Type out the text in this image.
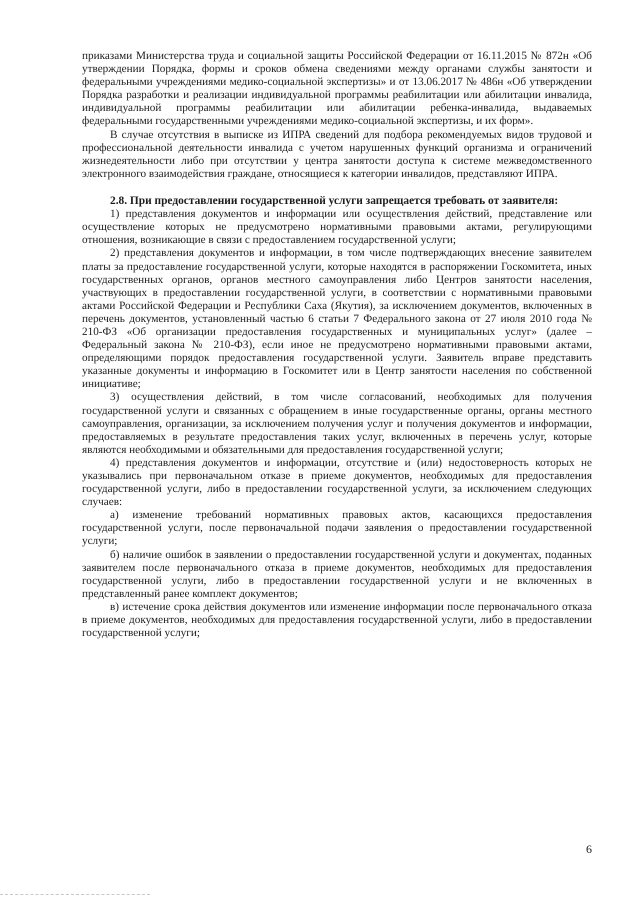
приказами Министерства труда и социальной защиты Российской Федерации от 16.11.2015 № 872н «Об утверждении Порядка, формы и сроков обмена сведениями между органами службы занятости и федеральными учреждениями медико-социальной экспертизы» и от 13.06.2017 № 486н «Об утверждении Порядка разработки и реализации индивидуальной программы реабилитации или абилитации инвалида, индивидуальной программы реабилитации или абилитации ребенка-инвалида, выдаваемых федеральными государственными учреждениями медико-социальной экспертизы, и их форм».

В случае отсутствия в выписке из ИПРА сведений для подбора рекомендуемых видов трудовой и профессиональной деятельности инвалида с учетом нарушенных функций организма и ограничений жизнедеятельности либо при отсутствии у центра занятости доступа к системе межведомственного электронного взаимодействия граждане, относящиеся к категории инвалидов, представляют ИПРА.

2.8. При предоставлении государственной услуги запрещается требовать от заявителя:

1) представления документов и информации или осуществления действий, представление или осуществление которых не предусмотрено нормативными правовыми актами, регулирующими отношения, возникающие в связи с предоставлением государственной услуги;

2) представления документов и информации, в том числе подтверждающих внесение заявителем платы за предоставление государственной услуги, которые находятся в распоряжении Госкомитета, иных государственных органов, органов местного самоуправления либо Центров занятости населения, участвующих в предоставлении государственной услуги, в соответствии с нормативными правовыми актами Российской Федерации и Республики Саха (Якутия), за исключением документов, включенных в перечень документов, установленный частью 6 статьи 7 Федерального закона от 27 июля 2010 года № 210-ФЗ «Об организации предоставления государственных и муниципальных услуг» (далее – Федеральный закона № 210-ФЗ), если иное не предусмотрено нормативными правовыми актами, определяющими порядок предоставления государственной услуги. Заявитель вправе представить указанные документы и информацию в Госкомитет или в Центр занятости населения по собственной инициативе;

3) осуществления действий, в том числе согласований, необходимых для получения государственной услуги и связанных с обращением в иные государственные органы, органы местного самоуправления, организации, за исключением получения услуг и получения документов и информации, предоставляемых в результате предоставления таких услуг, включенных в перечень услуг, которые являются необходимыми и обязательными для предоставления государственной услуги;

4) представления документов и информации, отсутствие и (или) недостоверность которых не указывались при первоначальном отказе в приеме документов, необходимых для предоставления государственной услуги, либо в предоставлении государственной услуги, за исключением следующих случаев:

а) изменение требований нормативных правовых актов, касающихся предоставления государственной услуги, после первоначальной подачи заявления о предоставлении государственной услуги;

б) наличие ошибок в заявлении о предоставлении государственной услуги и документах, поданных заявителем после первоначального отказа в приеме документов, необходимых для предоставления государственной услуги, либо в предоставлении государственной услуги и не включенных в представленный ранее комплект документов;

в) истечение срока действия документов или изменение информации после первоначального отказа в приеме документов, необходимых для предоставления государственной услуги, либо в предоставлении государственной услуги;

6
